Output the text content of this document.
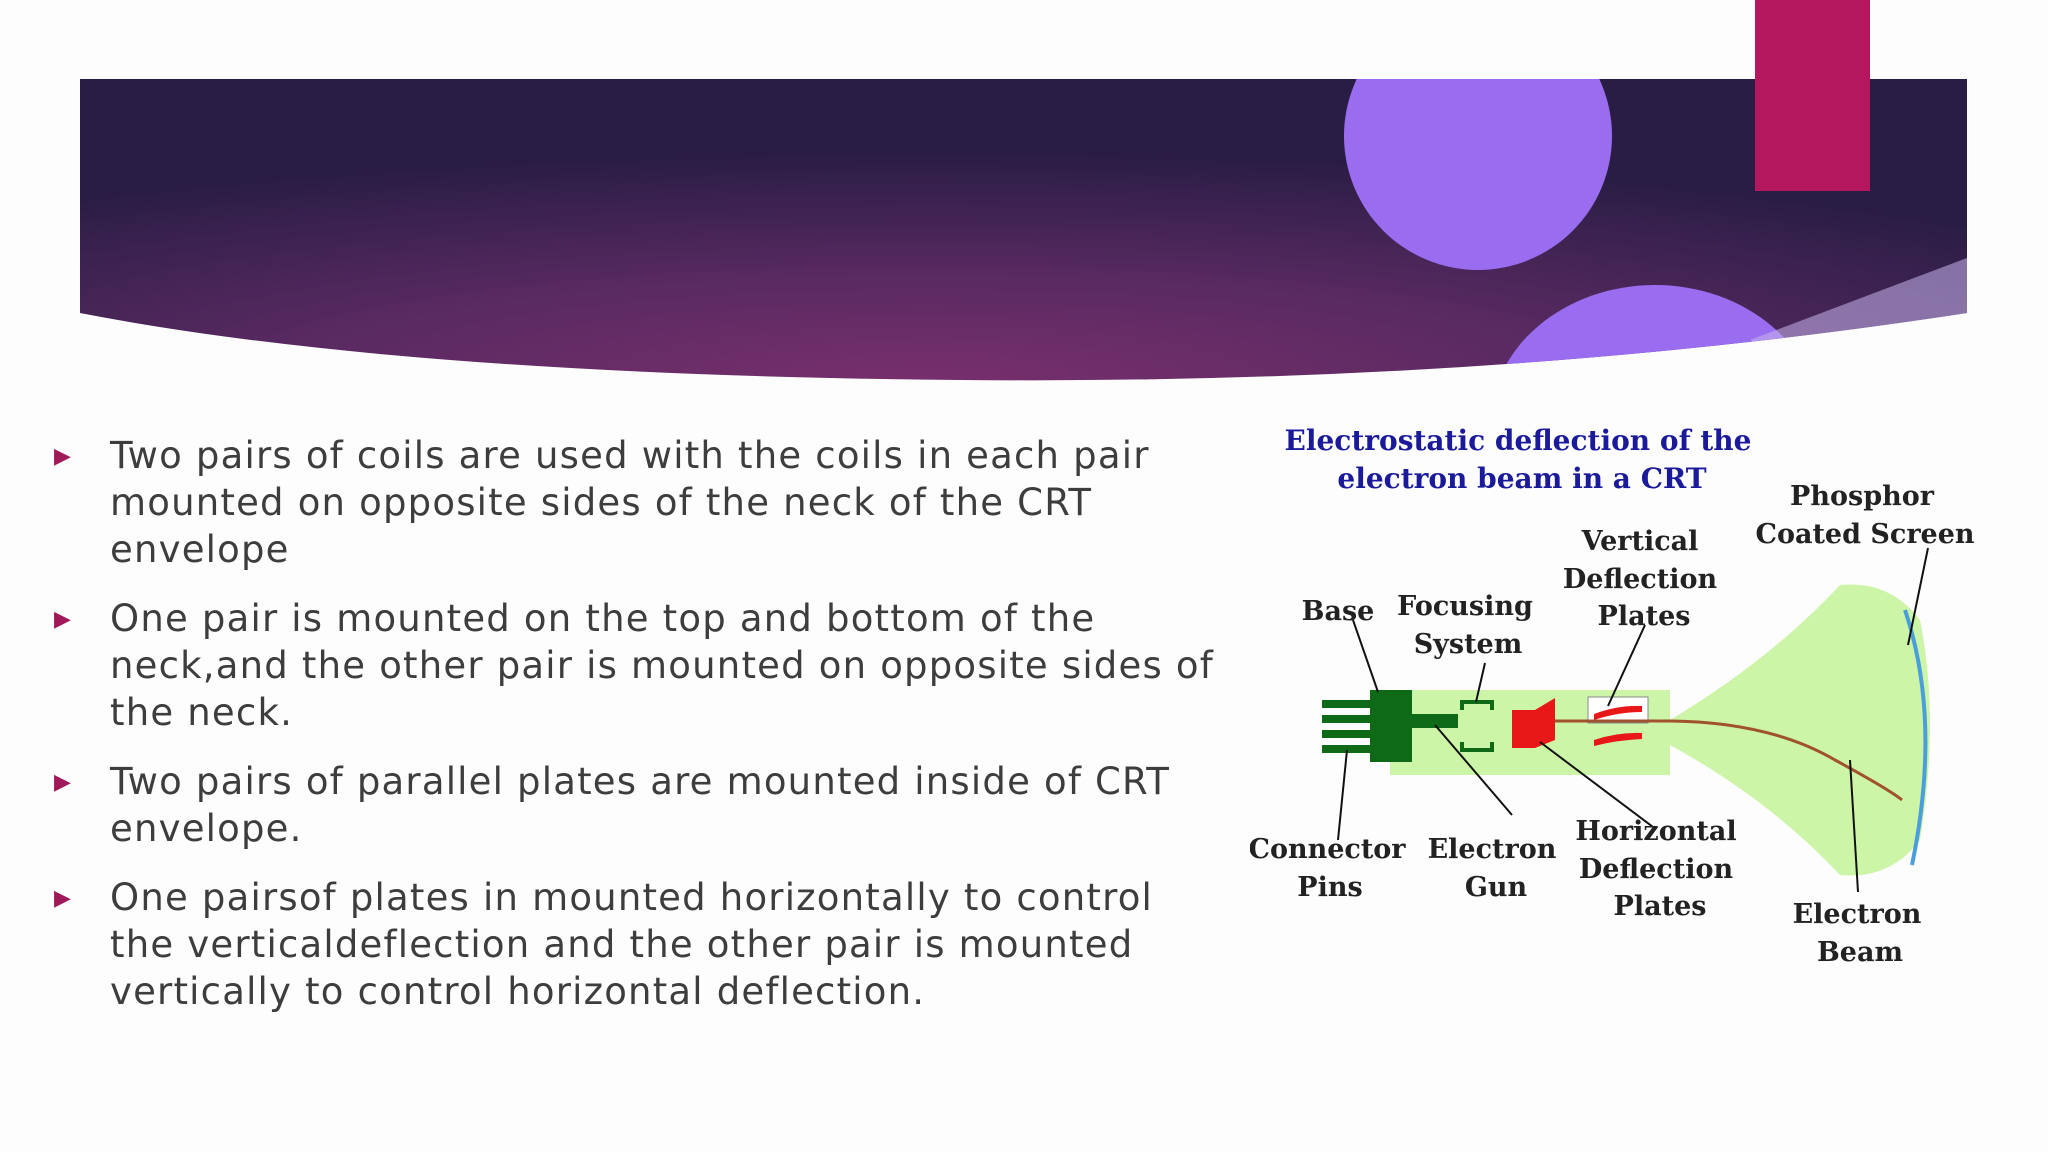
▶ Two pairs of coils are used with the coils in each pair mounted on opposite sides of the neck of the CRT envelope
▶ One pair is mounted on the top and bottom of the neck,and the other pair is mounted on opposite sides of the neck.
▶ Two pairs of parallel plates are mounted inside of CRT envelope.
▶ One pairsof plates in mounted horizontally to control the verticaldeflection and the other pair is mounted vertically to control horizontal deflection.
Electrostatic deflection of the
electron beam in a CRT
Base Focusing
System
Vertical
Deflection
Plates
Phosphor
Coated Screen
Connector
Pins
Electron
Gun
Horizontal
Deflection
Plates	Electron
Beam
